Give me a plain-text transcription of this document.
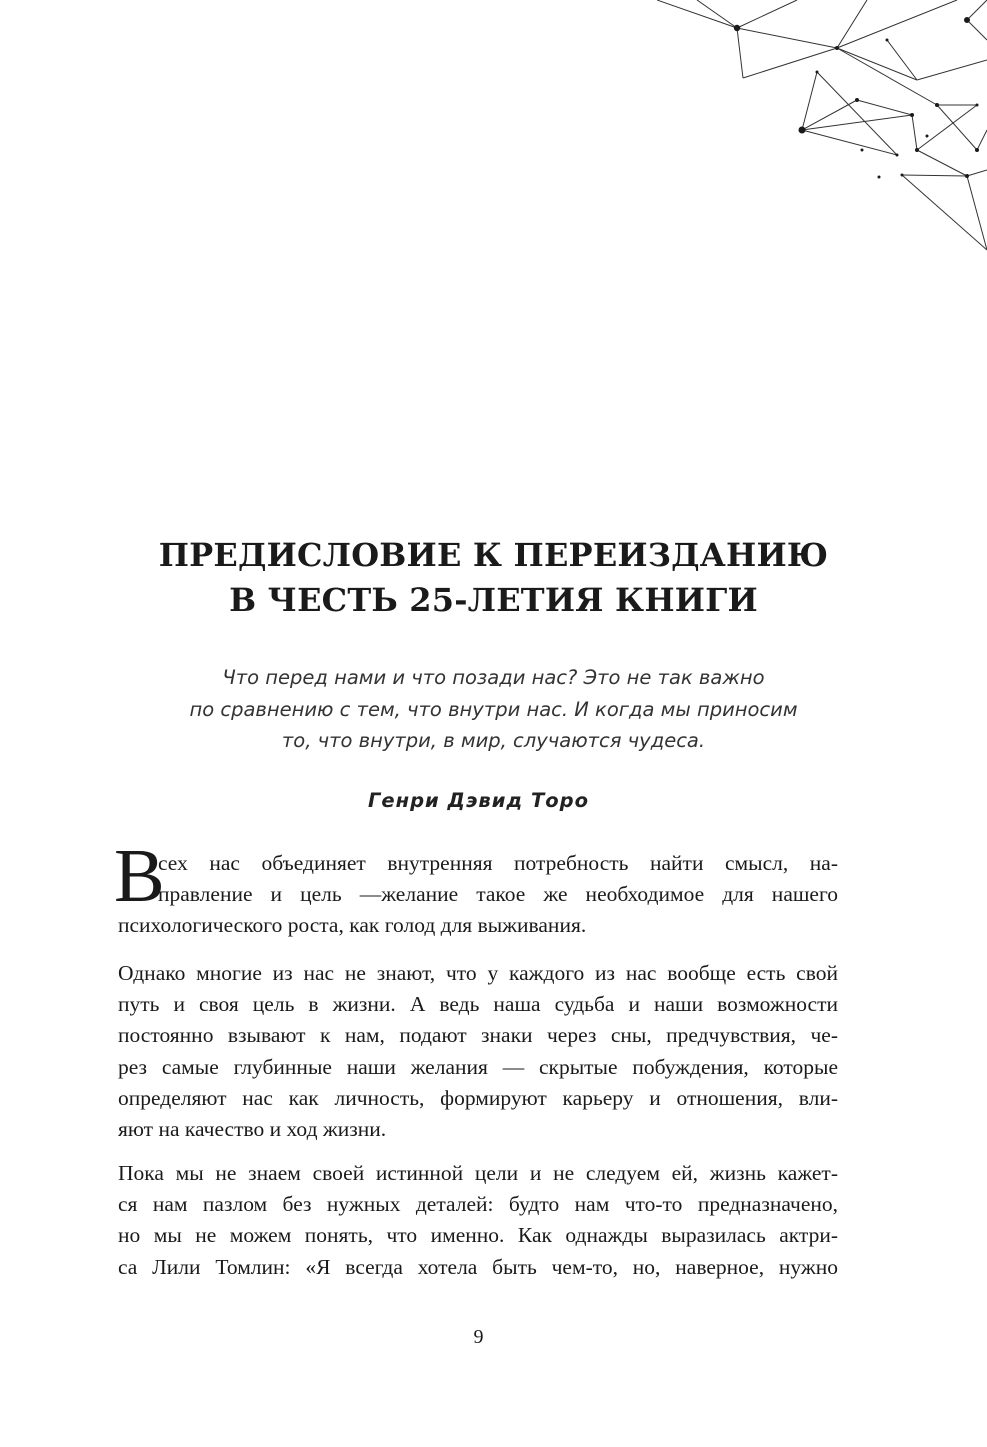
ПРЕДИСЛОВИЕ К ПЕРЕИЗДАНИЮ
В ЧЕСТЬ 25-ЛЕТИЯ КНИГИ
Что перед нами и что позади нас? Это не так важно
по сравнению с тем, что внутри нас. И когда мы приносим
то, что внутри, в мир, случаются чудеса.
Генри Дэвид Торо
В
сех нас объединяет внутренняя потребность найти смысл, на-
правление и цель —желание такое же необходимое для нашего
психологического роста, как голод для выживания.
Однако многие из нас не знают, что у каждого из нас вообще есть свой
путь и своя цель в жизни. А ведь наша судьба и наши возможности
постоянно взывают к нам, подают знаки через сны, предчувствия, че-
рез самые глубинные наши желания — скрытые побуждения, которые
определяют нас как личность, формируют карьеру и отношения, вли-
яют на качество и ход жизни.
Пока мы не знаем своей истинной цели и не следуем ей, жизнь кажет-
ся нам пазлом без нужных деталей: будто нам что-то предназначено,
но мы не можем понять, что именно. Как однажды выразилась актри-
са Лили Томлин: «Я всегда хотела быть чем-то, но, наверное, нужно
9
